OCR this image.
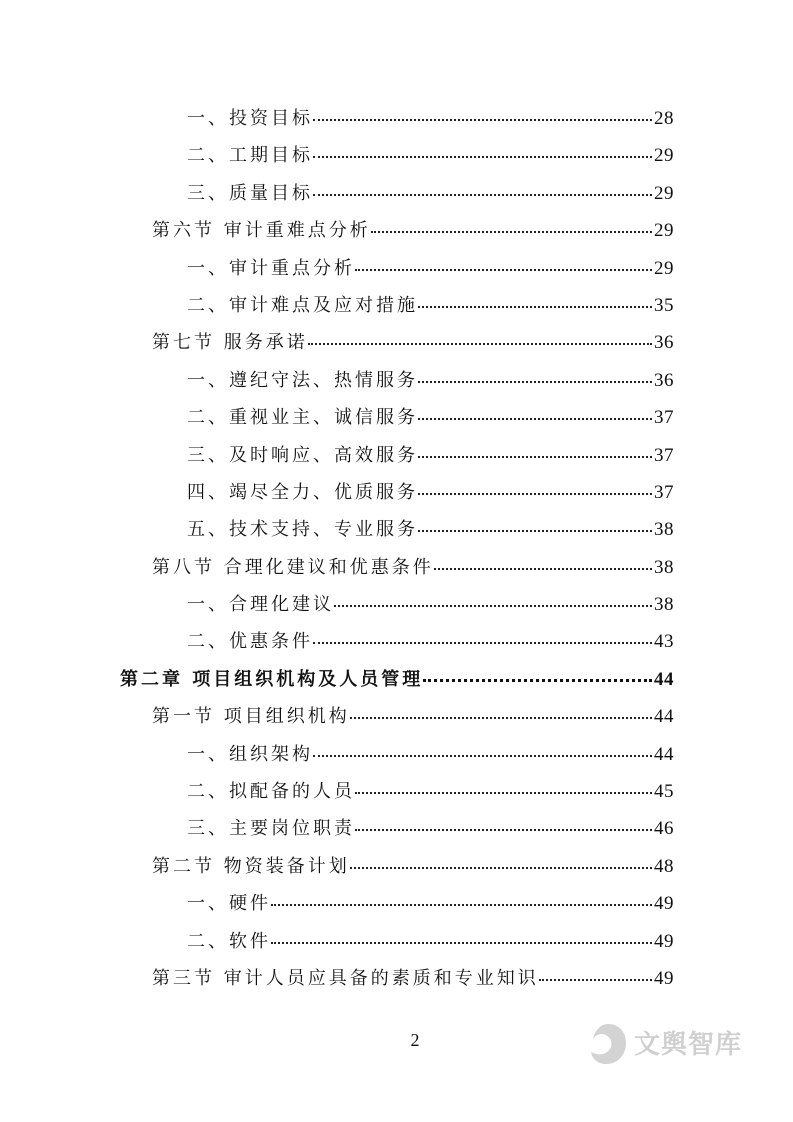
一、投资目标	28
二、工期目标	29
三、质量目标	29
第六节 审计重难点分析	29
一、审计重点分析	29
二、审计难点及应对措施	35
第七节 服务承诺	36
一、遵纪守法、热情服务	36
二、重视业主、诚信服务	37
三、及时响应、高效服务	37
四、竭尽全力、优质服务	37
五、技术支持、专业服务	38
第八节 合理化建议和优惠条件	38
一、合理化建议	38
二、优惠条件	43
第二章 项目组织机构及人员管理	44
第一节 项目组织机构	44
一、组织架构	44
二、拟配备的人员	45
三、主要岗位职责	46
第二节 物资装备计划	48
一、硬件	49
二、软件	49
第三节 审计人员应具备的素质和专业知识	49
2	文舆智库
